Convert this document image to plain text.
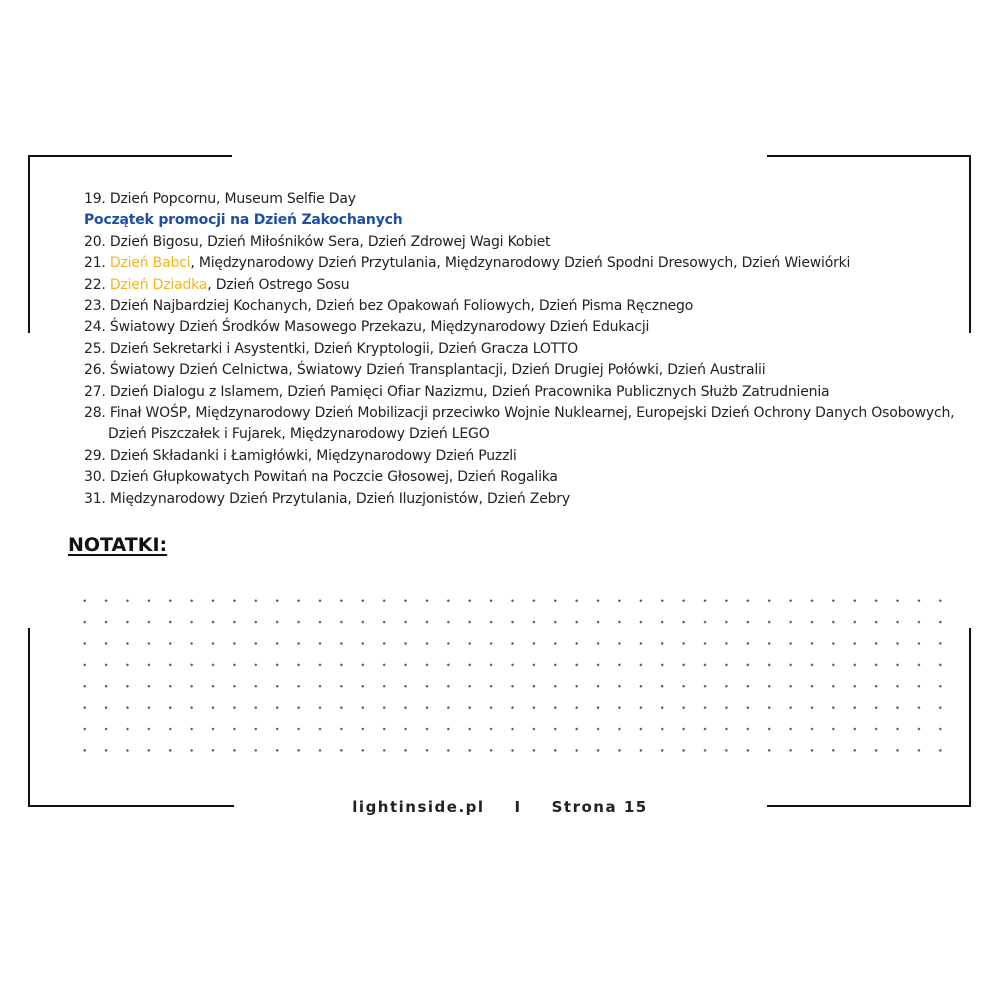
19. Dzień Popcornu, Museum Selfie Day
Początek promocji na Dzień Zakochanych
20. Dzień Bigosu, Dzień Miłośników Sera, Dzień Zdrowej Wagi Kobiet
21. Dzień Babci, Międzynarodowy Dzień Przytulania, Międzynarodowy Dzień Spodni Dresowych, Dzień Wiewiórki
22. Dzień Dziadka, Dzień Ostrego Sosu
23. Dzień Najbardziej Kochanych, Dzień bez Opakowań Foliowych, Dzień Pisma Ręcznego
24. Światowy Dzień Środków Masowego Przekazu, Międzynarodowy Dzień Edukacji
25. Dzień Sekretarki i Asystentki, Dzień Kryptologii, Dzień Gracza LOTTO
26. Światowy Dzień Celnictwa, Światowy Dzień Transplantacji, Dzień Drugiej Połówki, Dzień Australii
27. Dzień Dialogu z Islamem, Dzień Pamięci Ofiar Nazizmu, Dzień Pracownika Publicznych Służb Zatrudnienia
28. Finał WOŚP, Międzynarodowy Dzień Mobilizacji przeciwko Wojnie Nuklearnej, Europejski Dzień Ochrony Danych Osobowych, Dzień Piszczałek i Fujarek, Międzynarodowy Dzień LEGO
29. Dzień Składanki i Łamigłówki, Międzynarodowy Dzień Puzzli
30. Dzień Głupkowatych Powitań na Poczcie Głosowej, Dzień Rogalika
31. Międzynarodowy Dzień Przytulania, Dzień Iluzjonistów, Dzień Zebry
NOTATKI:
lightinside.pl I Strona 15
